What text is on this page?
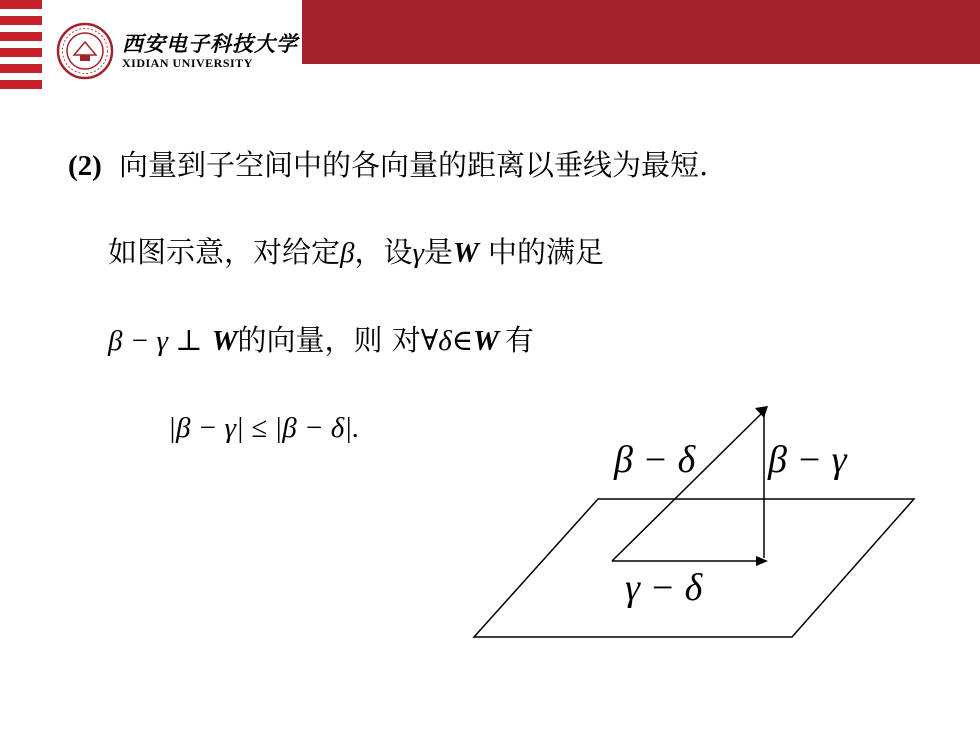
西安电子科技大学
XIDIAN UNIVERSITY
(2) 向量到子空间中的各向量的距离以垂线为最短.
如图示意，对给定β，设γ是W 中的满足
β − γ ⊥ W的向量，则 对∀δ∈W 有
|β − γ| ≤ |β − δ|.
β − δ β − γ
γ − δ
